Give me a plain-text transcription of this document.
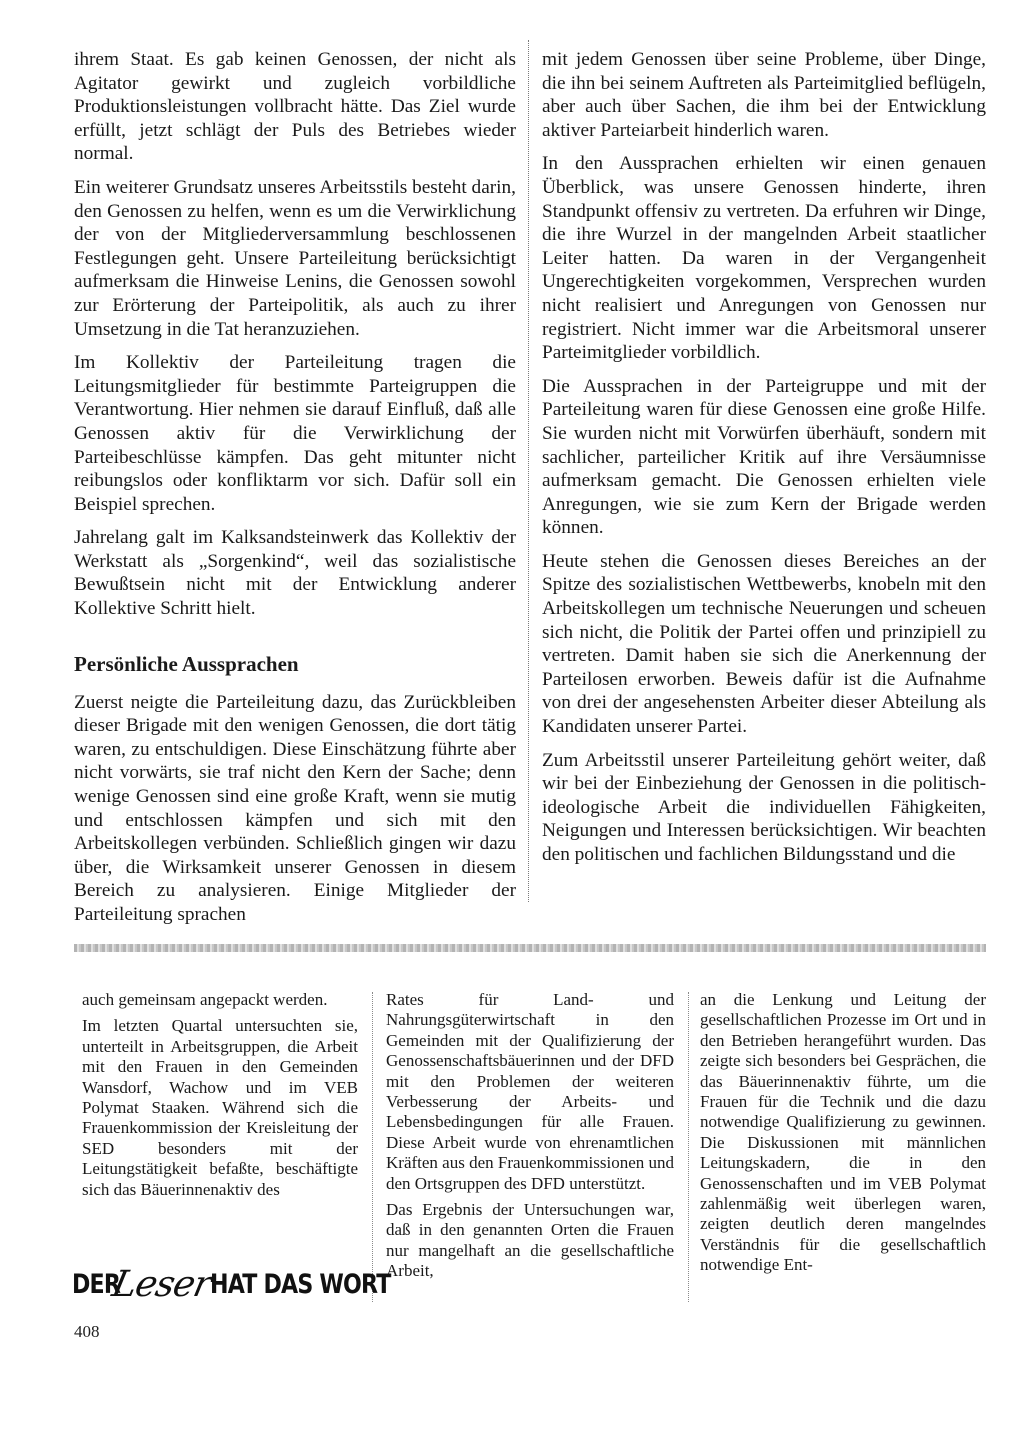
ihrem Staat. Es gab keinen Genossen, der nicht als Agitator gewirkt und zugleich vorbildliche Produktionsleistungen vollbracht hätte. Das Ziel wurde erfüllt, jetzt schlägt der Puls des Betriebes wieder normal.

Ein weiterer Grundsatz unseres Arbeitsstils besteht darin, den Genossen zu helfen, wenn es um die Verwirklichung der von der Mitgliederversammlung beschlossenen Festlegungen geht. Unsere Parteileitung berücksichtigt aufmerksam die Hinweise Lenins, die Genossen sowohl zur Erörterung der Parteipolitik, als auch zu ihrer Umsetzung in die Tat heranzuziehen.

Im Kollektiv der Parteileitung tragen die Leitungsmitglieder für bestimmte Parteigruppen die Verantwortung. Hier nehmen sie darauf Einfluß, daß alle Genossen aktiv für die Verwirklichung der Parteibeschlüsse kämpfen. Das geht mitunter nicht reibungslos oder konfliktarm vor sich. Dafür soll ein Beispiel sprechen.

Jahrelang galt im Kalksandsteinwerk das Kollektiv der Werkstatt als „Sorgenkind“, weil das sozialistische Bewußtsein nicht mit der Entwicklung anderer Kollektive Schritt hielt.

Persönliche Aussprachen

Zuerst neigte die Parteileitung dazu, das Zurückbleiben dieser Brigade mit den wenigen Genossen, die dort tätig waren, zu entschuldigen. Diese Einschätzung führte aber nicht vorwärts, sie traf nicht den Kern der Sache; denn wenige Genossen sind eine große Kraft, wenn sie mutig und entschlossen kämpfen und sich mit den Arbeitskollegen verbünden. Schließlich gingen wir dazu über, die Wirksamkeit unserer Genossen in diesem Bereich zu analysieren. Einige Mitglieder der Parteileitung sprachen

mit jedem Genossen über seine Probleme, über Dinge, die ihn bei seinem Auftreten als Parteimitglied beflügeln, aber auch über Sachen, die ihm bei der Entwicklung aktiver Parteiarbeit hinderlich waren.

In den Aussprachen erhielten wir einen genauen Überblick, was unsere Genossen hinderte, ihren Standpunkt offensiv zu vertreten. Da erfuhren wir Dinge, die ihre Wurzel in der mangelnden Arbeit staatlicher Leiter hatten. Da waren in der Vergangenheit Ungerechtigkeiten vorgekommen, Versprechen wurden nicht realisiert und Anregungen von Genossen nur registriert. Nicht immer war die Arbeitsmoral unserer Parteimitglieder vorbildlich.

Die Aussprachen in der Parteigruppe und mit der Parteileitung waren für diese Genossen eine große Hilfe. Sie wurden nicht mit Vorwürfen überhäuft, sondern mit sachlicher, parteilicher Kritik auf ihre Versäumnisse aufmerksam gemacht. Die Genossen erhielten viele Anregungen, wie sie zum Kern der Brigade werden können.

Heute stehen die Genossen dieses Bereiches an der Spitze des sozialistischen Wettbewerbs, knobeln mit den Arbeitskollegen um technische Neuerungen und scheuen sich nicht, die Politik der Partei offen und prinzipiell zu vertreten. Damit haben sie sich die Anerkennung der Parteilosen erworben. Beweis dafür ist die Aufnahme von drei der angesehensten Arbeiter dieser Abteilung als Kandidaten unserer Partei.

Zum Arbeitsstil unserer Parteileitung gehört weiter, daß wir bei der Einbeziehung der Genossen in die politisch-ideologische Arbeit die individuellen Fähigkeiten, Neigungen und Interessen berücksichtigen. Wir beachten den politischen und fachlichen Bildungsstand und die

auch gemeinsam angepackt werden.

Im letzten Quartal untersuchten sie, unterteilt in Arbeitsgruppen, die Arbeit mit den Frauen in den Gemeinden Wansdorf, Wachow und im VEB Polymat Staaken. Während sich die Frauenkommission der Kreisleitung der SED besonders mit der Leitungstätigkeit befaßte, beschäftigte sich das Bäuerinnenaktiv des

Rates für Land- und Nahrungsgüterwirtschaft in den Gemeinden mit der Qualifizierung der Genossenschaftsbäuerinnen und der DFD mit den Problemen der weiteren Verbesserung der Arbeits- und Lebensbedingungen für alle Frauen. Diese Arbeit wurde von ehrenamtlichen Kräften aus den Frauenkommissionen und den Ortsgruppen des DFD unterstützt.

Das Ergebnis der Untersuchungen war, daß in den genannten Orten die Frauen nur mangelhaft an die gesellschaftliche Arbeit,

an die Lenkung und Leitung der gesellschaftlichen Prozesse im Ort und in den Betrieben herangeführt wurden. Das zeigte sich besonders bei Gesprächen, die das Bäuerinnenaktiv führte, um die Frauen für die Technik und die dazu notwendige Qualifizierung zu gewinnen. Die Diskussionen mit männlichen Leitungskadern, die in den Genossenschaften und im VEB Polymat zahlenmäßig weit überlegen waren, zeigten deutlich deren mangelndes Verständnis für die gesellschaftlich notwendige Ent-

DER
Leser
HAT DAS WORT
408
